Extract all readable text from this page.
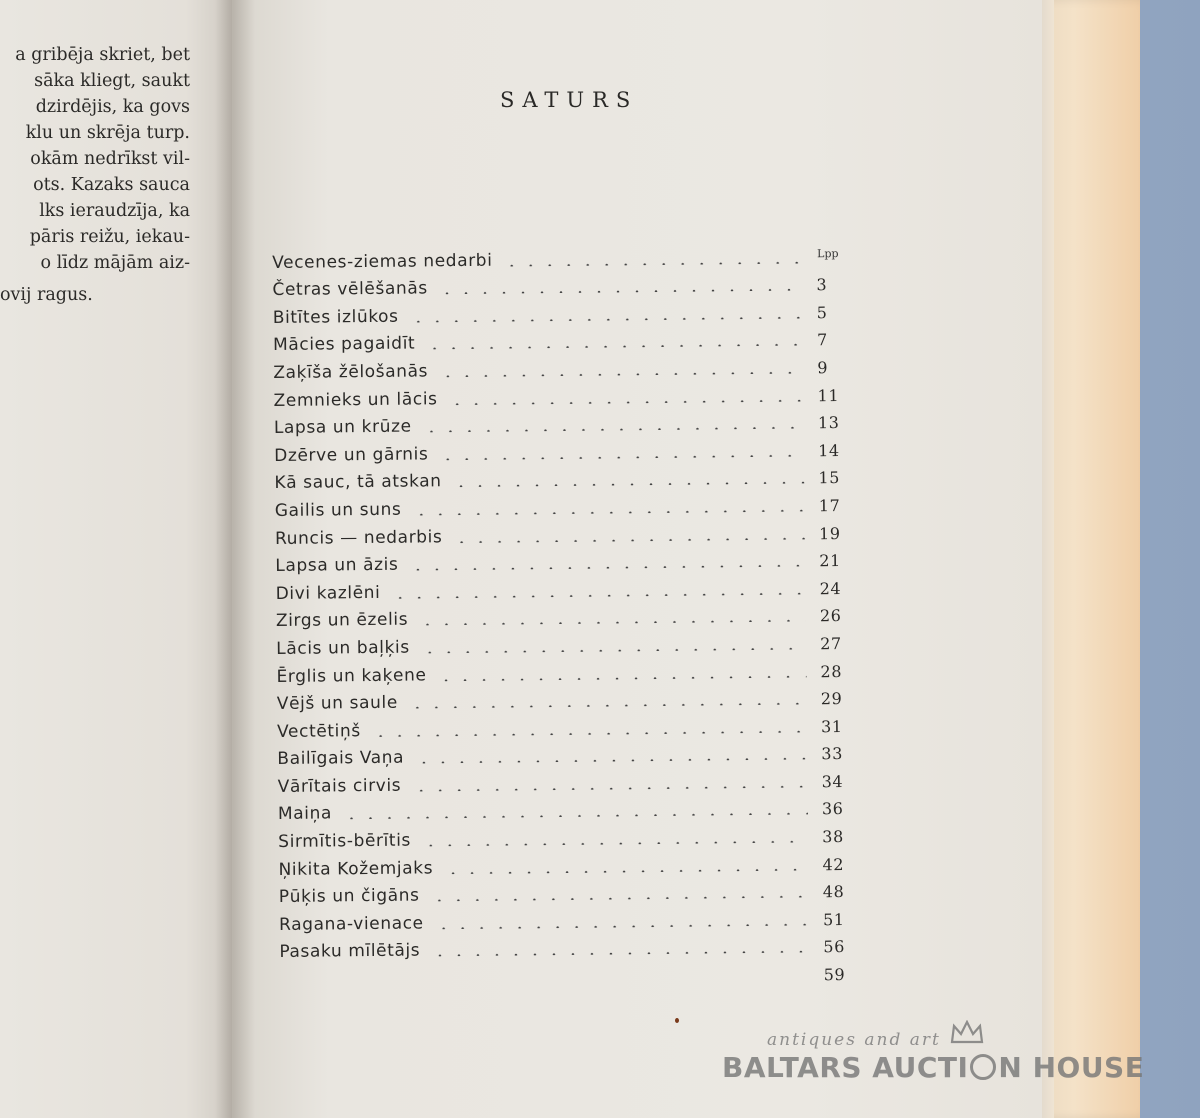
a gribēja skriet, bet
sāka kliegt, saukt
dzirdējis, ka govs
klu un skrēja turp.
okām nedrīkst vil-
ots. Kazaks sauca
lks ieraudzīja, ka
pāris reižu, iekau-
o līdz mājām aiz-
ovij ragus.
SATURS
Lpp
Vecenes-ziemas nedarbi
Četras vēlēšanās	3
Bitītes izlūkos	5
Mācies pagaidīt	7
Zaķīša žēlošanās	9
Zemnieks un lācis	11
Lapsa un krūze	13
Dzērve un gārnis	14
Kā sauc, tā atskan	15
Gailis un suns	17
Runcis — nedarbis	19
Lapsa un āzis	21
Divi kazlēni	24
Zirgs un ēzelis	26
Lācis un baļķis	27
Ērglis un kaķene	28
Vējš un saule	29
Vectētiņš	31
Bailīgais Vaņa	33
Vārītais cirvis	34
Maiņa	36
Sirmītis-bērītis	38
Ņikita Kožemjaks	42
Pūķis un čigāns	48
Ragana-vienace	51
Pasaku mīlētājs	56
59
antiques and art
BALTARS AUCTI N HOUSE
